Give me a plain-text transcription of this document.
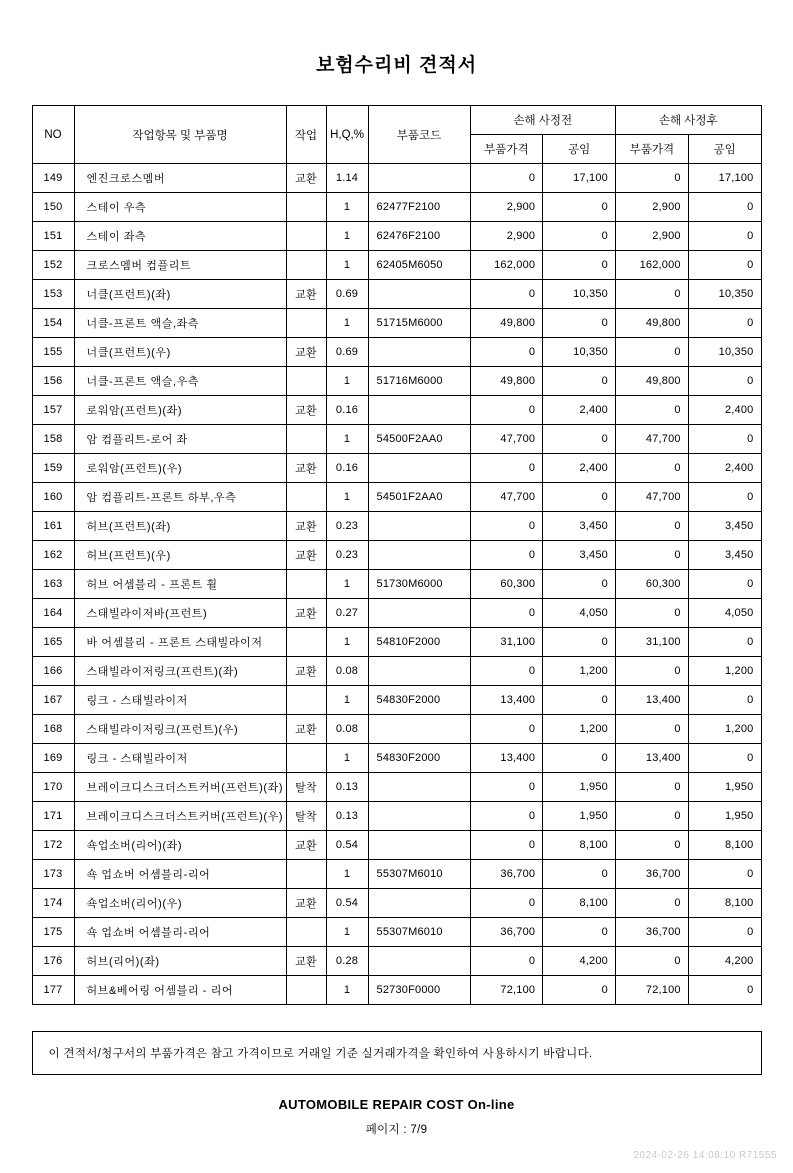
보험수리비 견적서
NO	작업항목 및 부품명	작업	H,Q,%	부품코드	손해 사정전		손해 사정후	
					부품가격	공임	부품가격	공임
149	엔진크로스멤버	교환	1.14		0	17,100	0	17,100
150	스테이 우측		1	62477F2100	2,900	0	2,900	0
151	스테이 좌측		1	62476F2100	2,900	0	2,900	0
152	크로스멤버 컴플리트		1	62405M6050	162,000	0	162,000	0
153	너클(프런트)(좌)	교환	0.69		0	10,350	0	10,350
154	너클-프론트 액슬,좌측		1	51715M6000	49,800	0	49,800	0
155	너클(프런트)(우)	교환	0.69		0	10,350	0	10,350
156	너클-프론트 액슬,우측		1	51716M6000	49,800	0	49,800	0
157	로워암(프런트)(좌)	교환	0.16		0	2,400	0	2,400
158	암 컴플리트-로어 좌		1	54500F2AA0	47,700	0	47,700	0
159	로워암(프런트)(우)	교환	0.16		0	2,400	0	2,400
160	암 컴플리트-프론트 하부,우측		1	54501F2AA0	47,700	0	47,700	0
161	허브(프런트)(좌)	교환	0.23		0	3,450	0	3,450
162	허브(프런트)(우)	교환	0.23		0	3,450	0	3,450
163	허브 어셈블리 - 프론트 휠		1	51730M6000	60,300	0	60,300	0
164	스태빌라이저바(프런트)	교환	0.27		0	4,050	0	4,050
165	바 어셈블리 - 프론트 스태빌라이저		1	54810F2000	31,100	0	31,100	0
166	스태빌라이저링크(프런트)(좌)	교환	0.08		0	1,200	0	1,200
167	링크 - 스태빌라이저		1	54830F2000	13,400	0	13,400	0
168	스태빌라이저링크(프런트)(우)	교환	0.08		0	1,200	0	1,200
169	링크 - 스태빌라이저		1	54830F2000	13,400	0	13,400	0
170	브레이크디스크더스트커버(프런트)(좌)	탈착	0.13		0	1,950	0	1,950
171	브레이크디스크더스트커버(프런트)(우)	탈착	0.13		0	1,950	0	1,950
172	쇽업소버(리어)(좌)	교환	0.54		0	8,100	0	8,100
173	쇽 업쇼버 어셈블리-리어		1	55307M6010	36,700	0	36,700	0
174	쇽업소버(리어)(우)	교환	0.54		0	8,100	0	8,100
175	쇽 업쇼버 어셈블리-리어		1	55307M6010	36,700	0	36,700	0
176	허브(리어)(좌)	교환	0.28		0	4,200	0	4,200
177	허브&베어링 어셈블리 - 리어		1	52730F0000	72,100	0	72,100	0
이 견적서/청구서의 부품가격은 참고 가격이므로 거래일 기준 실거래가격을 확인하여 사용하시기 바랍니다.
AUTOMOBILE REPAIR COST On-line
페이지 : 7/9
2024-02-26 14:08:10 R71555
